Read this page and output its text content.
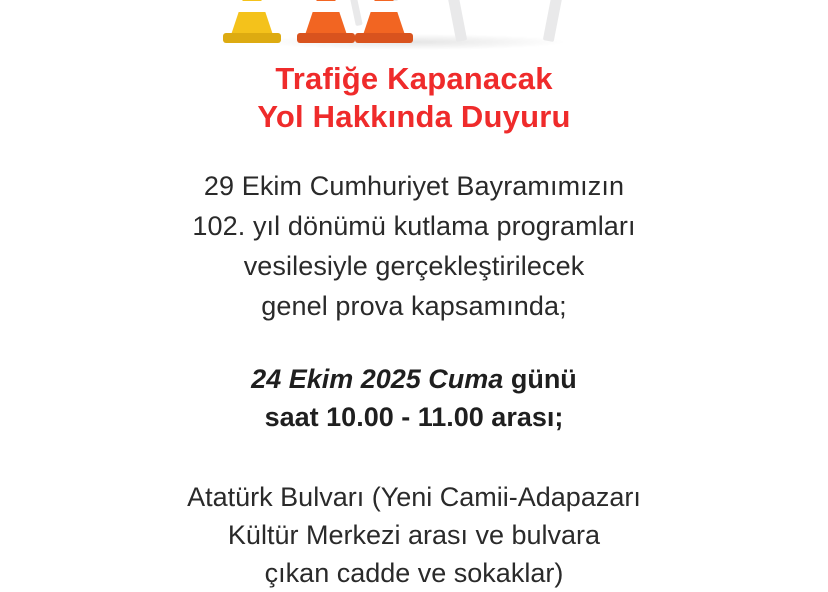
Trafiğe Kapanacak
Yol Hakkında Duyuru
29 Ekim Cumhuriyet Bayramımızın
102. yıl dönümü kutlama programları
vesilesiyle gerçekleştirilecek
genel prova kapsamında;
24 Ekim 2025 Cuma günü
saat 10.00 - 11.00 arası;
Atatürk Bulvarı (Yeni Camii-Adapazarı
Kültür Merkezi arası ve bulvara
çıkan cadde ve sokaklar)
